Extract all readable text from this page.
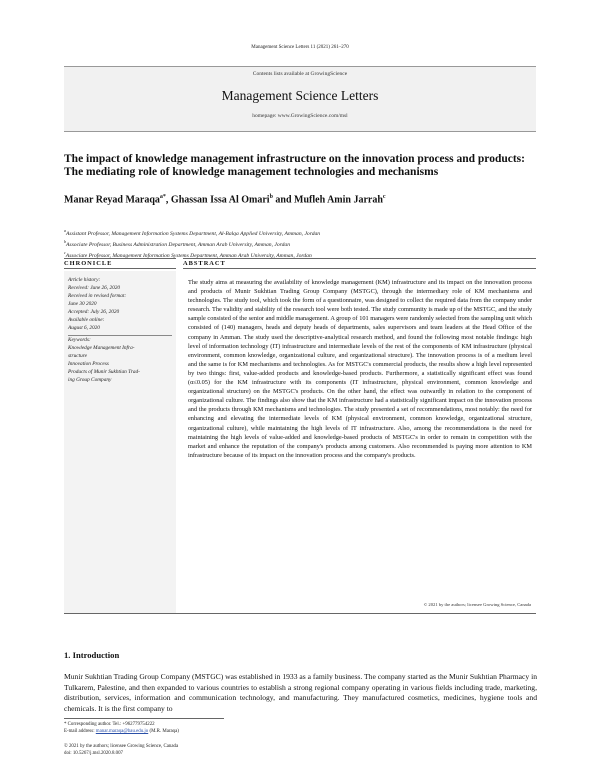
Management Science Letters 11 (2021) 261–270
Contents lists available at GrowingScience
Management Science Letters
homepage: www.GrowingScience.com/msl
The impact of knowledge management infrastructure on the innovation process and products: The mediating role of knowledge management technologies and mechanisms
Manar Reyad Maraqa$^{a*}$, Ghassan Issa Al Omari$^b$ and Mufleh Amin Jarrah$^c$
$^a$Assistant Professor, Management Information Systems Department, Al-Balqa Applied University, Amman, Jordan
$^b$Associate Professor, Business Administration Department, Amman Arab University, Amman, Jordan
$^c$Associate Professor, Management Information Systems Department, Amman Arab University, Amman, Jordan
CHRONICLE	ABSTRACT
Article history:
Received: June 26, 2020
Received in revised format:
June 30 2020
Accepted: July 26, 2020
Available online:
August 6, 2020
Keywords:
Knowledge Management Infra-
structure
Innovation Process
Products of Munir Sukhtian Trad-
ing Group Company
The study aims at measuring the availability of knowledge management (KM) infrastructure and its impact on the innovation process and products of Munir Sukhtian Trading Group Company (MSTGC), through the intermediary role of KM mechanisms and technologies. The study tool, which took the form of a questionnaire, was designed to collect the required data from the company under research. The validity and stability of the research tool were both tested. The study community is made up of the MSTGC, and the study sample consisted of the senior and middle management. A group of 101 managers were randomly selected from the sampling unit which consisted of (140) managers, heads and deputy heads of departments, sales supervisors and team leaders at the Head Office of the company in Amman. The study used the descriptive-analytical research method, and found the following most notable findings: high level of information technology (IT) infrastructure and intermediate levels of the rest of the components of KM infrastructure (physical environment, common knowledge, organizational culture, and organizational structure). The innovation process is of a medium level and the same is for KM mechanisms and technologies. As for MSTGC's commercial products, the results show a high level represented by two things: first, value-added products and knowledge-based products. Furthermore, a statistically significant effect was found (α≤0.05) for the KM infrastructure with its components (IT infrastructure, physical environment, common knowledge and organizational structure) on the MSTGC's products. On the other hand, the effect was outwardly in relation to the component of organizational culture. The findings also show that the KM infrastructure had a statistically significant impact on the innovation process and the products through KM mechanisms and technologies. The study presented a set of recommendations, most notably: the need for enhancing and elevating the intermediate levels of KM (physical environment, common knowledge, organizational structure, organizational culture), while maintaining the high levels of IT infrastructure. Also, among the recommendations is the need for maintaining the high levels of value-added and knowledge-based products of MSTGC's in order to remain in competition with the market and enhance the reputation of the company's products among customers. Also recommended is paying more attention to KM infrastructure because of its impact on the innovation process and the company's products.
© 2021 by the authors; licensee Growing Science, Canada
1. Introduction
Munir Sukhtian Trading Group Company (MSTGC) was established in 1933 as a family business. The company started as the Munir Sukhtian Pharmacy in Tulkarem, Palestine, and then expanded to various countries to establish a strong regional company operating in various fields including trade, marketing, distribution, services, information and communication technology, and manufacturing. They manufactured cosmetics, medicines, hygiene tools and chemicals. It is the first company to
* Corresponding author. Tel.: +962779754222
E-mail address: manar.maraqa@bau.edu.jo (M.R. Maraqa)
© 2021 by the authors; licensee Growing Science, Canada
doi: 10.5267/j.msl.2020.8.007
